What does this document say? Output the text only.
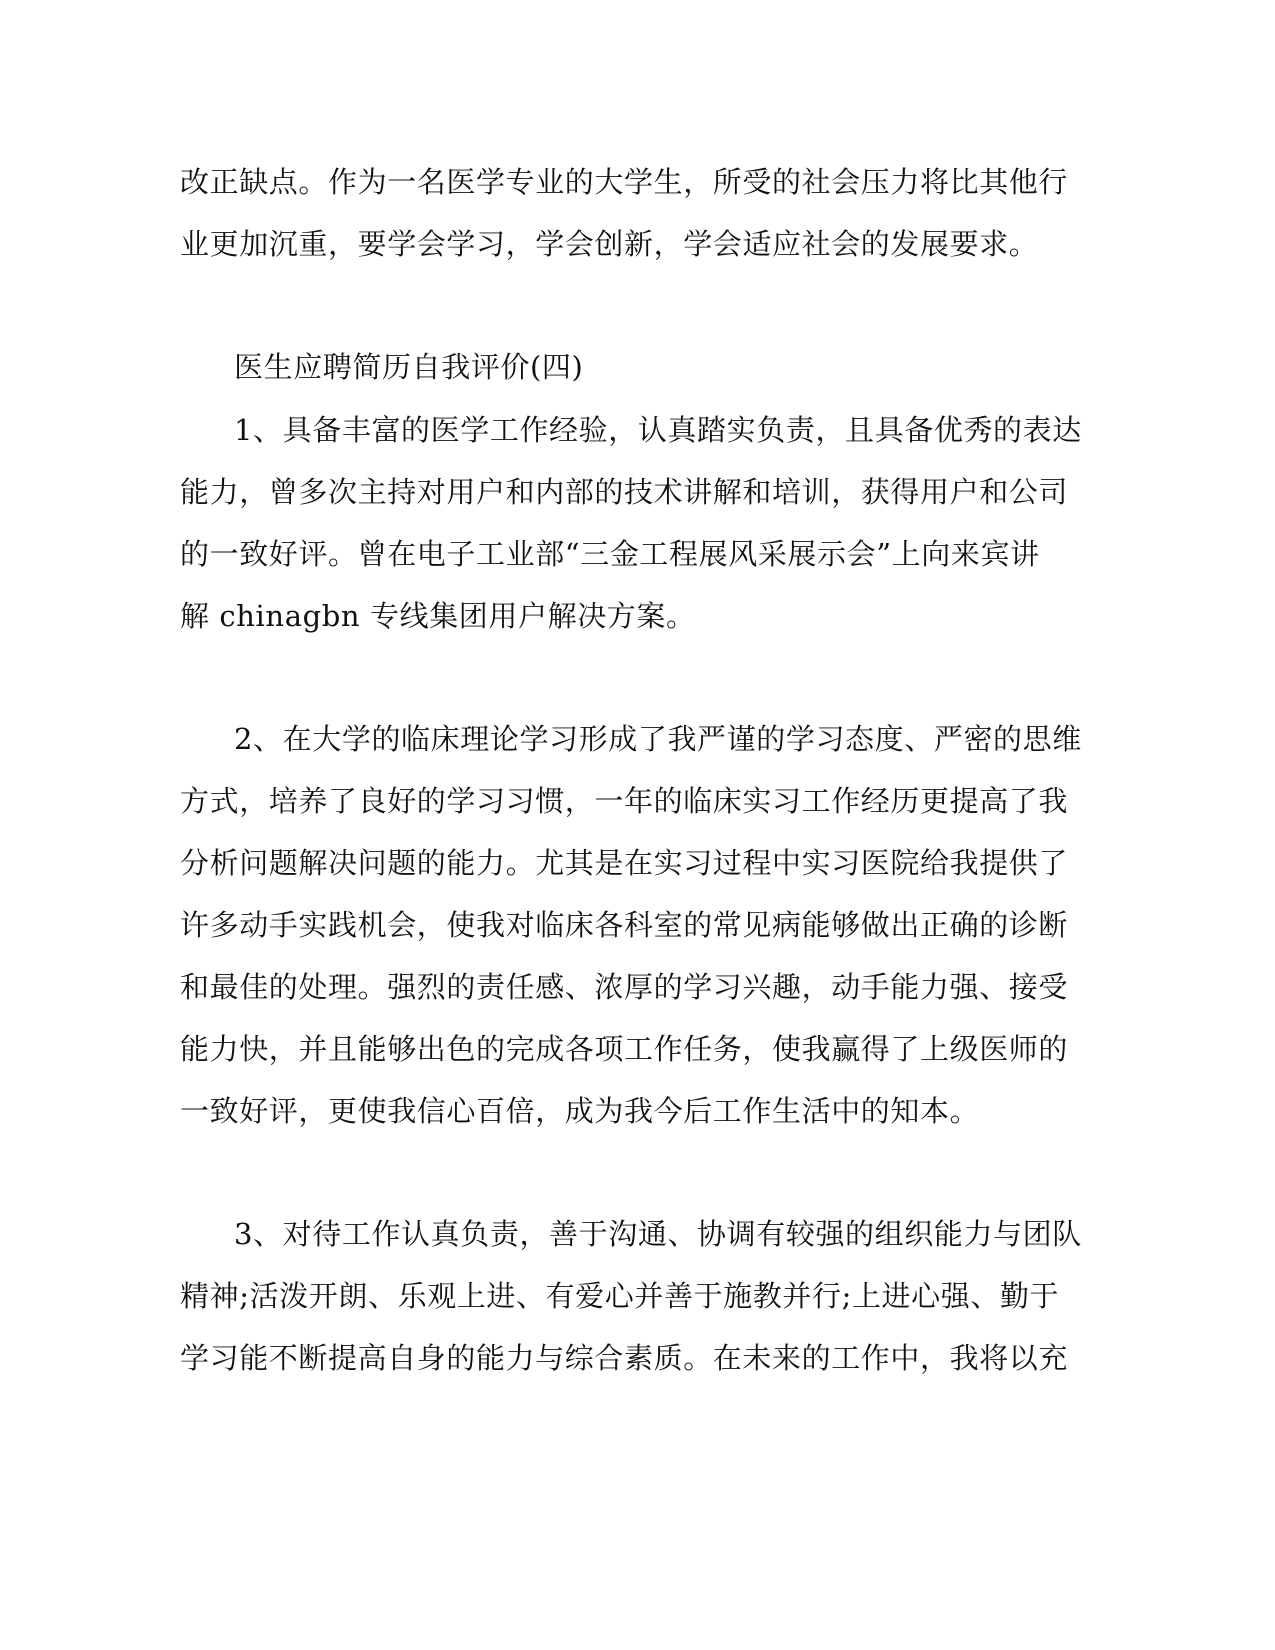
改正缺点。作为一名医学专业的大学生，所受的社会压力将比其他行
业更加沉重，要学会学习，学会创新，学会适应社会的发展要求。
医生应聘简历自我评价(四)
1、具备丰富的医学工作经验，认真踏实负责，且具备优秀的表达
能力，曾多次主持对用户和内部的技术讲解和培训，获得用户和公司
的一致好评。曾在电子工业部“三金工程展风采展示会”上向来宾讲
解 chinagbn 专线集团用户解决方案。
2、在大学的临床理论学习形成了我严谨的学习态度、严密的思维
方式，培养了良好的学习习惯，一年的临床实习工作经历更提高了我
分析问题解决问题的能力。尤其是在实习过程中实习医院给我提供了
许多动手实践机会，使我对临床各科室的常见病能够做出正确的诊断
和最佳的处理。强烈的责任感、浓厚的学习兴趣，动手能力强、接受
能力快，并且能够出色的完成各项工作任务，使我赢得了上级医师的
一致好评，更使我信心百倍，成为我今后工作生活中的知本。
3、对待工作认真负责，善于沟通、协调有较强的组织能力与团队
精神;活泼开朗、乐观上进、有爱心并善于施教并行;上进心强、勤于
学习能不断提高自身的能力与综合素质。在未来的工作中，我将以充
